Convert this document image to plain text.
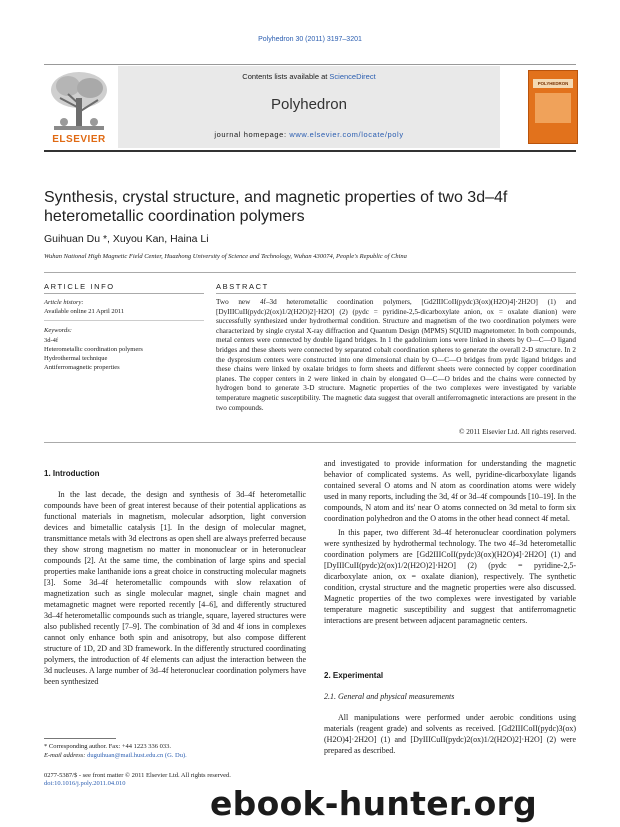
Polyhedron 30 (2011) 3197–3201
Contents lists available at ScienceDirect
Polyhedron
journal homepage: www.elsevier.com/locate/poly
ELSEVIER
POLYHEDRON
Synthesis, crystal structure, and magnetic properties of two 3d–4f
heterometallic coordination polymers
Guihuan Du *, Xuyou Kan, Haina Li
Wuhan National High Magnetic Field Center, Huazhong University of Science and Technology, Wuhan 430074, People's Republic of China
ARTICLE INFO	ABSTRACT
Article history:
Available online 21 April 2011
Keywords:
3d-4f
Heterometallic coordination polymers
Hydrothermal technique
Antiferromagnetic properties
Two new 4f–3d heterometallic coordination polymers, [Gd2IIICoII(pydc)3(ox)(H2O)4]·2H2O] (1) and [DyIIICuII(pydc)2(ox)1/2(H2O)2]·H2O] (2) (pydc = pyridine-2,5-dicarboxylate anion, ox = oxalate dianion) were successfully synthesized under hydrothermal condition. Structure and magnetism of the two coordination polymers were characterized by single crystal X-ray diffraction and Quantum Design (MPMS) SQUID magnetometer. In both compounds, metal centers were connected by double ligand bridges. In 1 the gadolinium ions were linked in sheets by O—C—O ligand bridges and these sheets were connected by separated cobalt coordination spheres to generate the overall 2-D structure. In 2 the dysprosium centers were constructed into one dimensional chain by O—C—O bridges from pydc ligand bridges and these chains were linked by oxalate bridges to form sheets and different sheets were connected by copper coordination planes. The copper centers in 2 were linked in chain by elongated O—C—O brides and the chains were connected by hydrogen bond to generate 3-D structure. Magnetic properties of the two complexes were investigated by variable temperature magnetic susceptibility. The magnetic data suggest that overall antiferromagnetic interactions are present in the two compounds.
© 2011 Elsevier Ltd. All rights reserved.
1. Introduction

In the last decade, the design and synthesis of 3d–4f heterometallic compounds have been of great interest because of their potential applications as functional materials in magnetism, molecular adsorption, light conversion devices and bimetallic catalysis [1]. In the design of molecular magnet, transmittance metals with 3d electrons as open shell are always preferred because they show strong magnetism no matter in mononuclear or in heteronuclear compounds [2]. At the same time, the combination of large spins and special properties make lanthanide ions a great choice in constructing molecular magnets [3]. Some 3d–4f heterometallic compounds with slow relaxation of magnetization such as single molecular magnet, single chain magnet and metamagnetic magnet were reported recently [4–6], and differently structured 3d–4f heterometallic compounds such as triangle, square, layered structures were also published recently [7–9]. The combination of 3d and 4f ions in complexes cannot only enhance both spin and anisotropy, but also compose different structure of 1D, 2D and 3D framework. In the differently structured coordinating polymers, the introduction of 4f elements can adjust the interaction between the 3d nucleuses. A large number of 3d–4f heteronuclear coordination polymers have been synthesized

and investigated to provide information for understanding the magnetic behavior of complicated systems. As well, pyridine-dicarboxylate ligands contained several O atoms and N atom as coordination atoms were widely used in many reports, including the 3d, 4f or 3d–4f compounds [10–19]. In the compounds, N atom and its' near O atoms connected on 3d metal to form six coordination polyhedron and the O atoms in the other head connect 4f metal.

In this paper, two different 3d–4f heteronuclear coordination polymers were synthesized by hydrothermal technology. The two 4f–3d heterometallic coordination polymers are [Gd2IIICoII(pydc)3(ox)(H2O)4]·2H2O] (1) and [DyIIICuII(pydc)2(ox)1/2(H2O)2]·H2O] (2) (pydc = pyridine-2,5-dicarboxylate anion, ox = oxalate dianion), respectively. The synthetic condition, crystal structure and the magnetic properties were also discussed. Magnetic properties of the two complexes were investigated by variable temperature magnetic susceptibility and suggest that antiferromagnetic interactions are present between adjacent paramagnetic centers.

2. Experimental
2.1. General and physical measurements

All manipulations were performed under aerobic conditions using materials (reagent grade) and solvents as received. [Gd2IIICoII(pydc)3(ox)(H2O)4]·2H2O] (1) and [DyIIICuII(pydc)2(ox)1/2(H2O)2]·H2O] (2) were prepared as described.

* Corresponding author. Fax: +44 1223 336 033.
E-mail address: duguihuan@mail.hust.edu.cn (G. Du).
0277-5387/$ - see front matter © 2011 Elsevier Ltd. All rights reserved.
doi:10.1016/j.poly.2011.04.010
ebook-hunter.org
